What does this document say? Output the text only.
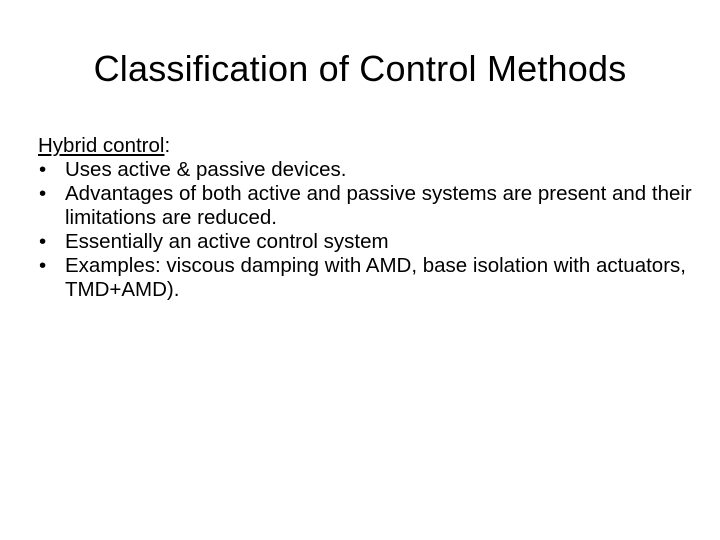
Classification of Control Methods

Hybrid control:

• Uses active & passive devices.
• Advantages of both active and passive systems are present and their limitations are reduced.
• Essentially an active control system
• Examples: viscous damping with AMD, base isolation with actuators, TMD+AMD).
